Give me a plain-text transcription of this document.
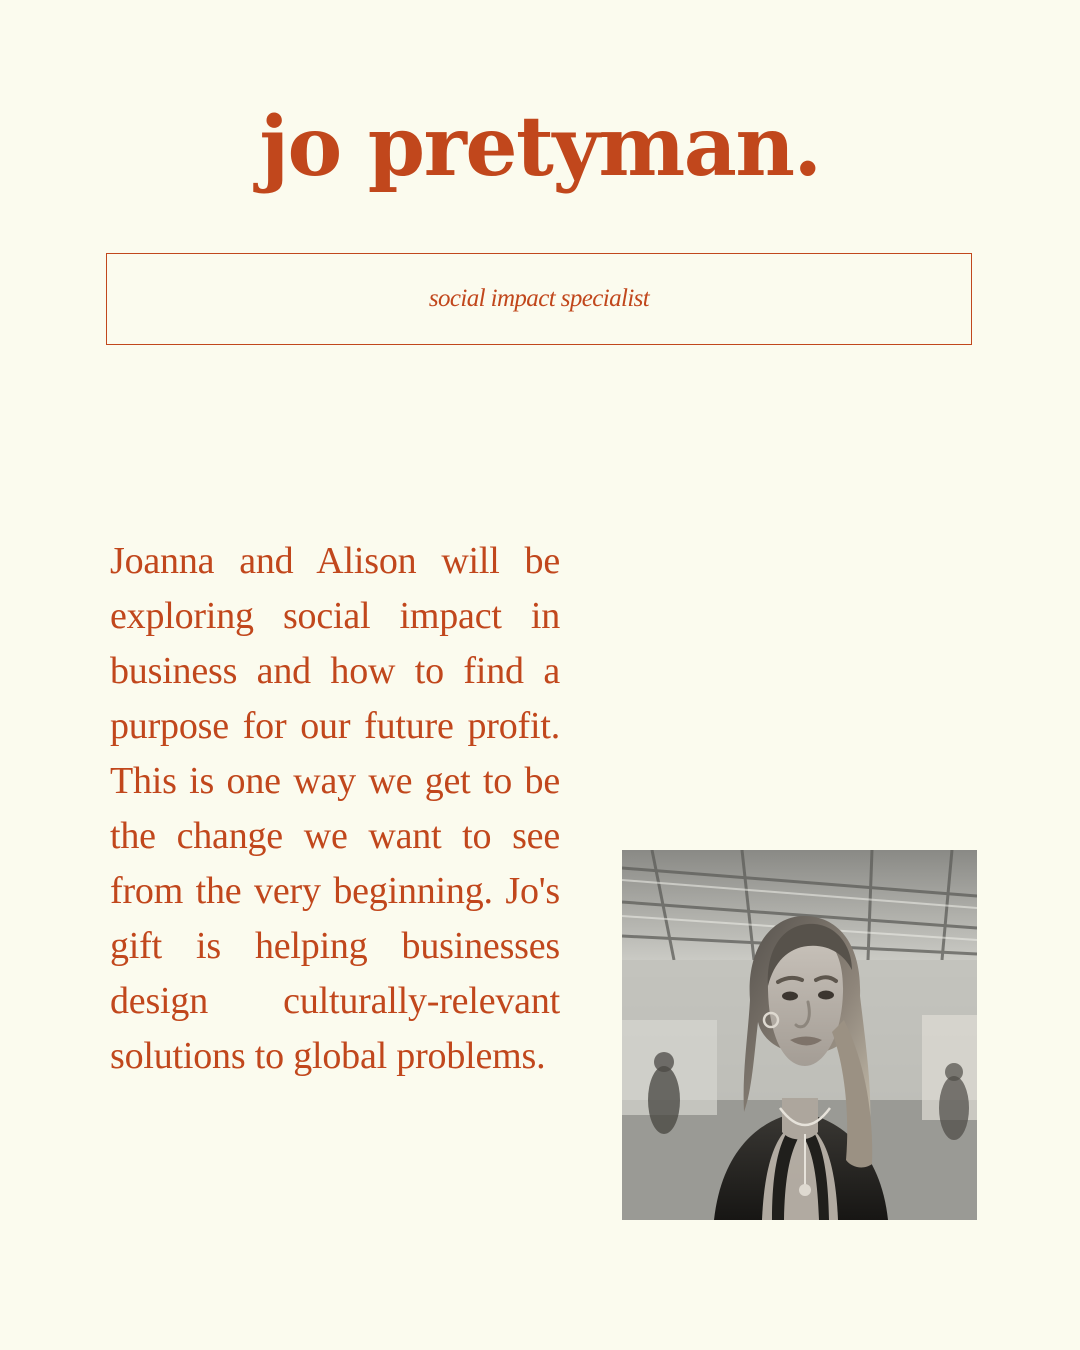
jo pretyman.
social impact specialist
Joanna and Alison will be exploring social impact in business and how to find a purpose for our future profit. This is one way we get to be the change we want to see from the very beginning. Jo's gift is helping businesses design culturally-relevant solutions to global problems.
